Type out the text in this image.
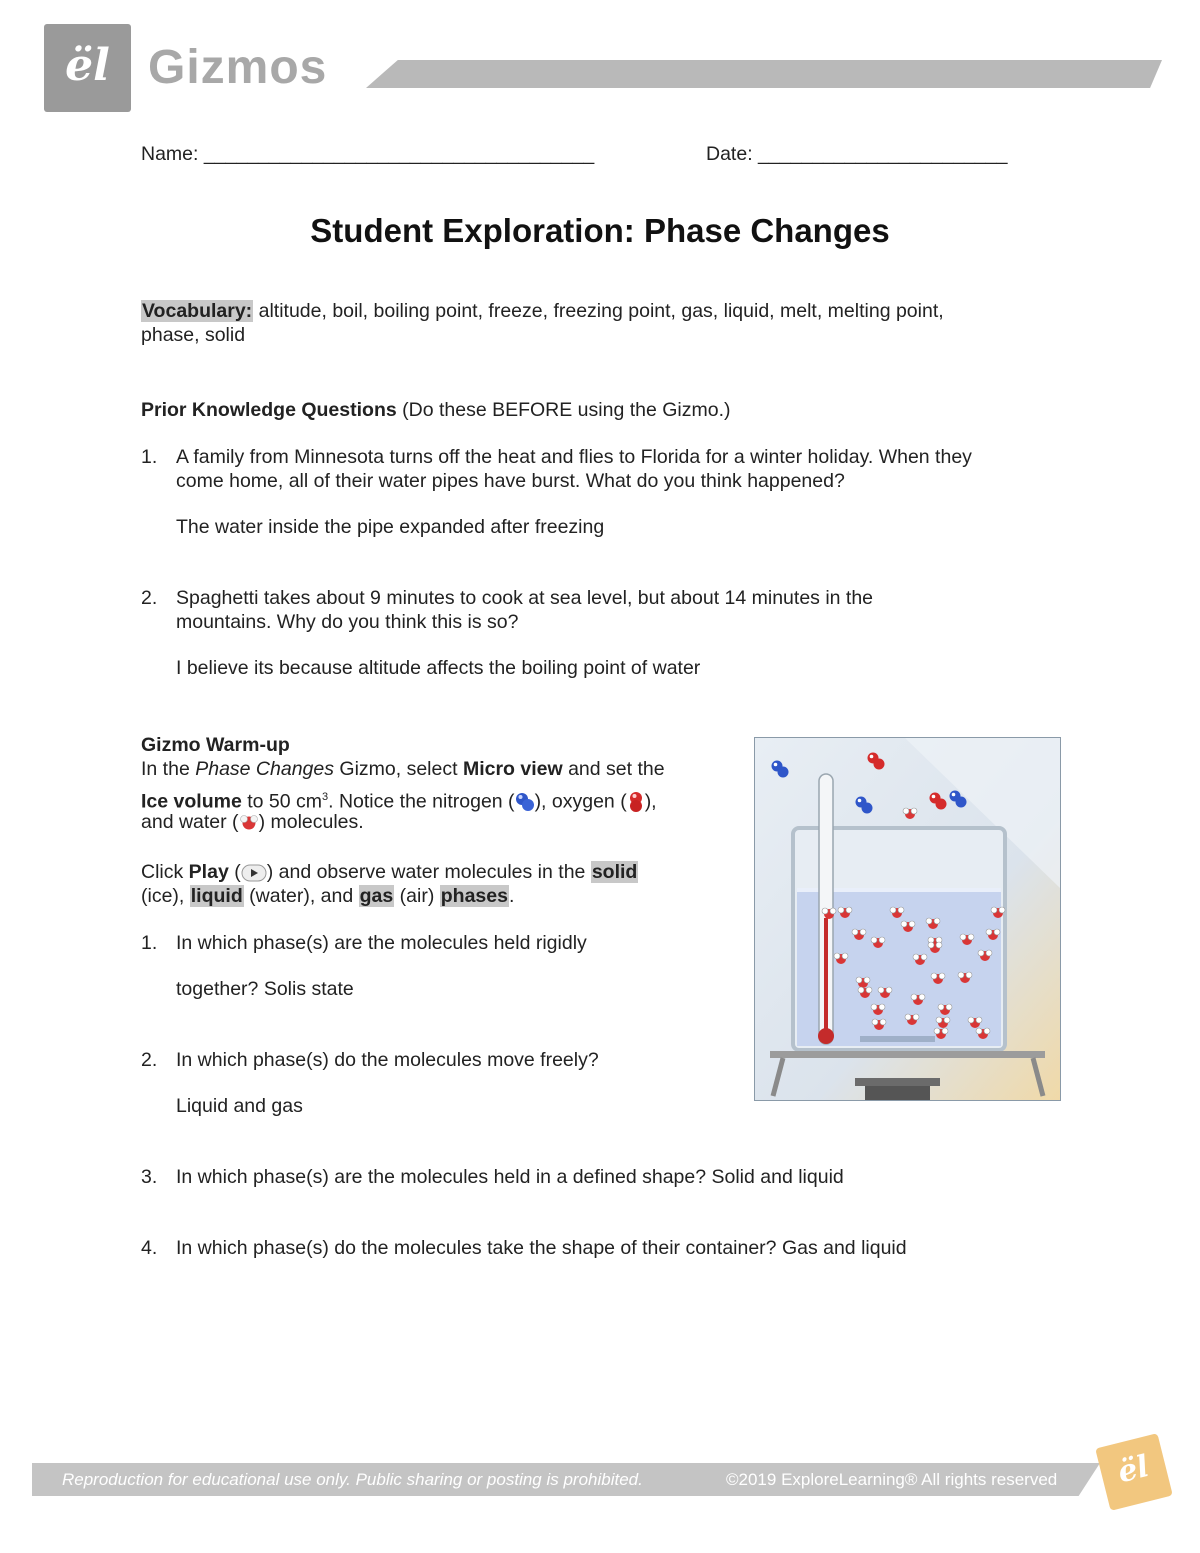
ël Gizmos
Name: ____________________________________	Date: _______________________
Student Exploration: Phase Changes
Vocabulary: altitude, boil, boiling point, freeze, freezing point, gas, liquid, melt, melting point,
phase, solid
Prior Knowledge Questions (Do these BEFORE using the Gizmo.)
1. A family from Minnesota turns off the heat and flies to Florida for a winter holiday. When they
come home, all of their water pipes have burst. What do you think happened?
The water inside the pipe expanded after freezing
2. Spaghetti takes about 9 minutes to cook at sea level, but about 14 minutes in the
mountains. Why do you think this is so?
I believe its because altitude affects the boiling point of water
Gizmo Warm-up
In the Phase Changes Gizmo, select Micro view and set the
Ice volume to 50 $cm^3$. Notice the nitrogen ( ), oxygen ( ),
and water ( ) molecules.
Click Play ( ) and observe water molecules in the solid
(ice), liquid (water), and gas (air) phases.
1. In which phase(s) are the molecules held rigidly
together? Solis state
2. In which phase(s) do the molecules move freely?
Liquid and gas
3. In which phase(s) are the molecules held in a defined shape? Solid and liquid
4. In which phase(s) do the molecules take the shape of their container? Gas and liquid
Reproduction for educational use only. Public sharing or posting is prohibited.	©2019 ExploreLearning® All rights reserved	ël
